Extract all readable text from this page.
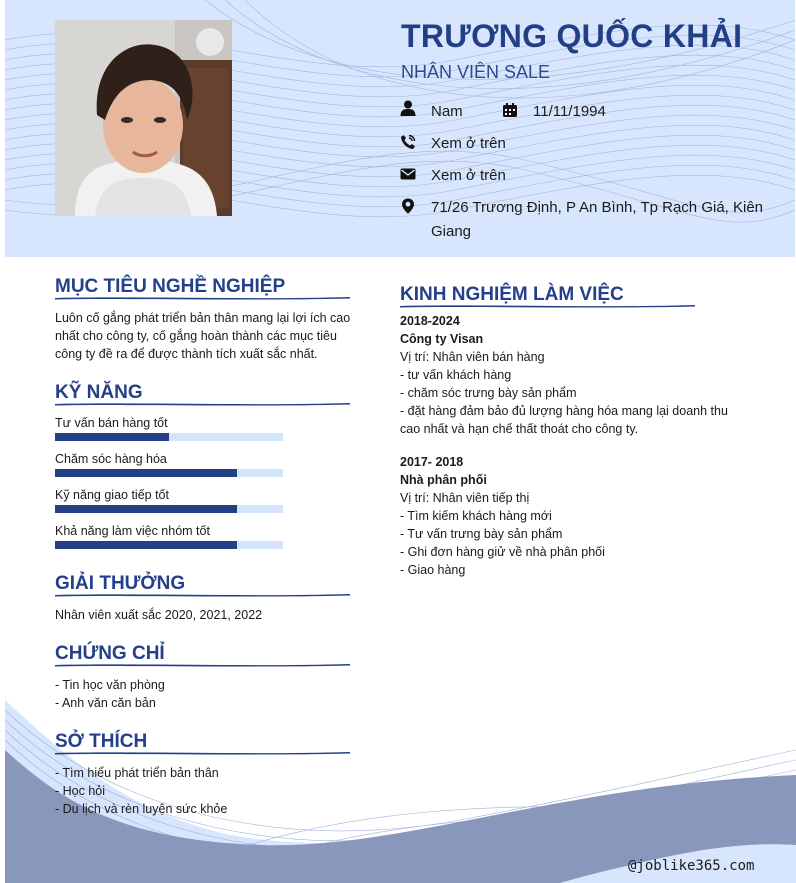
TRƯƠNG QUỐC KHẢI
NHÂN VIÊN SALE
Nam	11/11/1994
Xem ở trên
Xem ở trên
71/26 Trương Định, P An Bình, Tp Rạch Giá, Kiên Giang
MỤC TIÊU NGHỀ NGHIỆP
Luôn cố gắng phát triển bản thân mang lại lợi ích cao nhất cho công ty, cố gắng hoàn thành các mục tiêu công ty đề ra để được thành tích xuất sắc nhất.
KỸ NĂNG
Tư vấn bán hàng tốt
Chăm sóc hàng hóa
Kỹ năng giao tiếp tốt
Khả năng làm việc nhóm tốt
GIẢI THƯỞNG
Nhân viên xuất sắc 2020, 2021, 2022
CHỨNG CHỈ
- Tin học văn phòng
- Anh văn căn bản
SỞ THÍCH
- Tìm hiểu phát triển bản thân
- Học hỏi
- Du lịch và rèn luyện sức khỏe
KINH NGHIỆM LÀM VIỆC
2018-2024
Công ty Visan
Vị trí: Nhân viên bán hàng
- tư vấn khách hàng
- chăm sóc trưng bày sản phẩm
- đặt hàng đảm bảo đủ lượng hàng hóa mang lại doanh thu cao nhất và hạn chế thất thoát cho công ty.
2017- 2018
Nhà phân phối
Vị trí: Nhân viên tiếp thị
- Tìm kiếm khách hàng mới
- Tư vấn trưng bày sản phẩm
- Ghi đơn hàng giử về nhà phân phối
- Giao hàng
@joblike365.com
